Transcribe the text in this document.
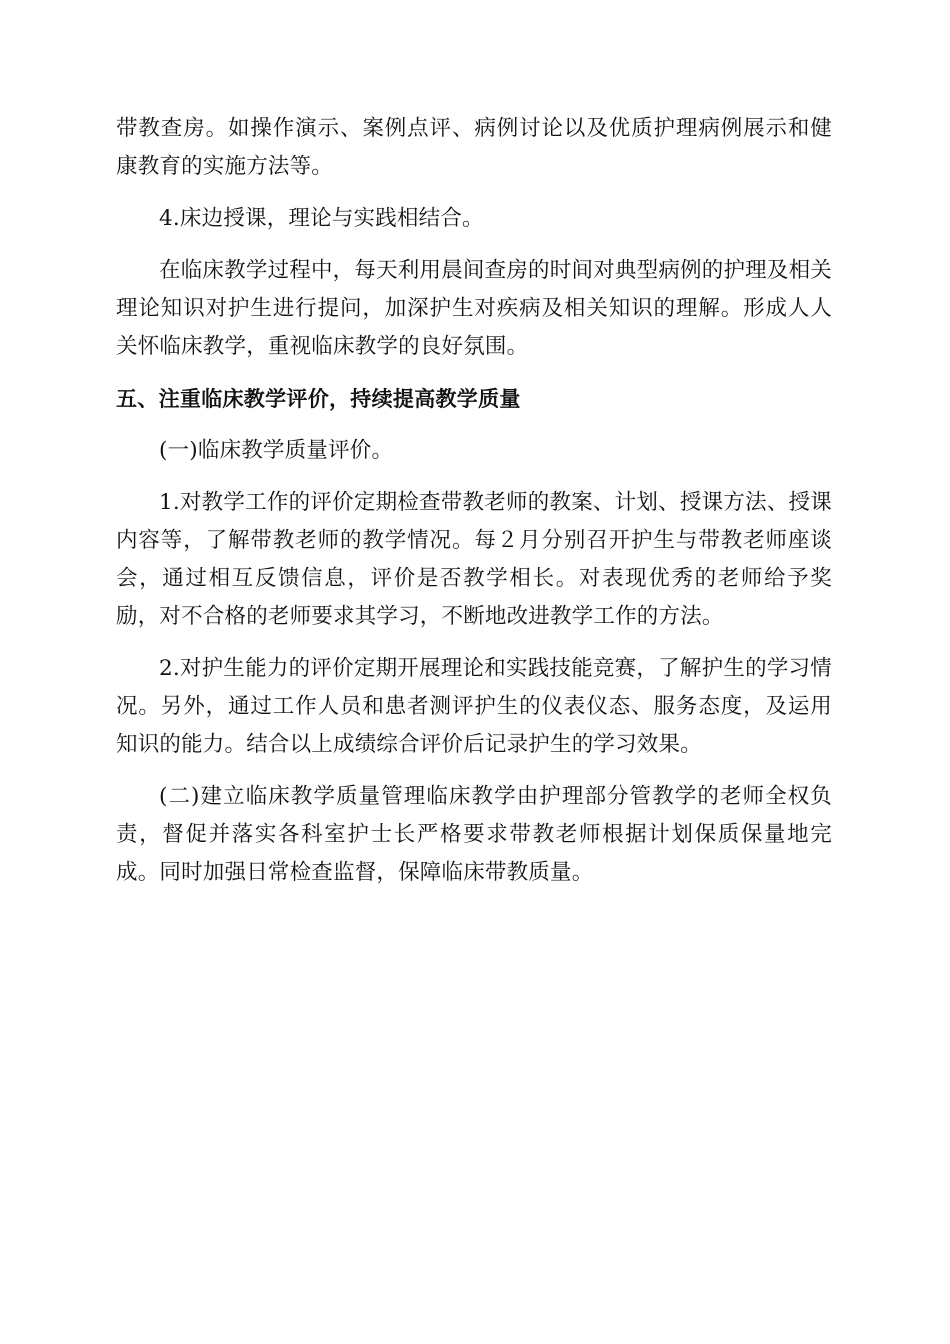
带教查房。如操作演示、案例点评、病例讨论以及优质护理病例展示和健康教育的实施方法等。

4.床边授课，理论与实践相结合。

在临床教学过程中，每天利用晨间查房的时间对典型病例的护理及相关理论知识对护生进行提问，加深护生对疾病及相关知识的理解。形成人人关怀临床教学，重视临床教学的良好氛围。

五、注重临床教学评价，持续提高教学质量

(一)临床教学质量评价。

1.对教学工作的评价定期检查带教老师的教案、计划、授课方法、授课内容等，了解带教老师的教学情况。每２月分别召开护生与带教老师座谈会，通过相互反馈信息，评价是否教学相长。对表现优秀的老师给予奖励，对不合格的老师要求其学习，不断地改进教学工作的方法。

2.对护生能力的评价定期开展理论和实践技能竞赛，了解护生的学习情况。另外，通过工作人员和患者测评护生的仪表仪态、服务态度，及运用知识的能力。结合以上成绩综合评价后记录护生的学习效果。

(二)建立临床教学质量管理临床教学由护理部分管教学的老师全权负责，督促并落实各科室护士长严格要求带教老师根据计划保质保量地完成。同时加强日常检查监督，保障临床带教质量。
